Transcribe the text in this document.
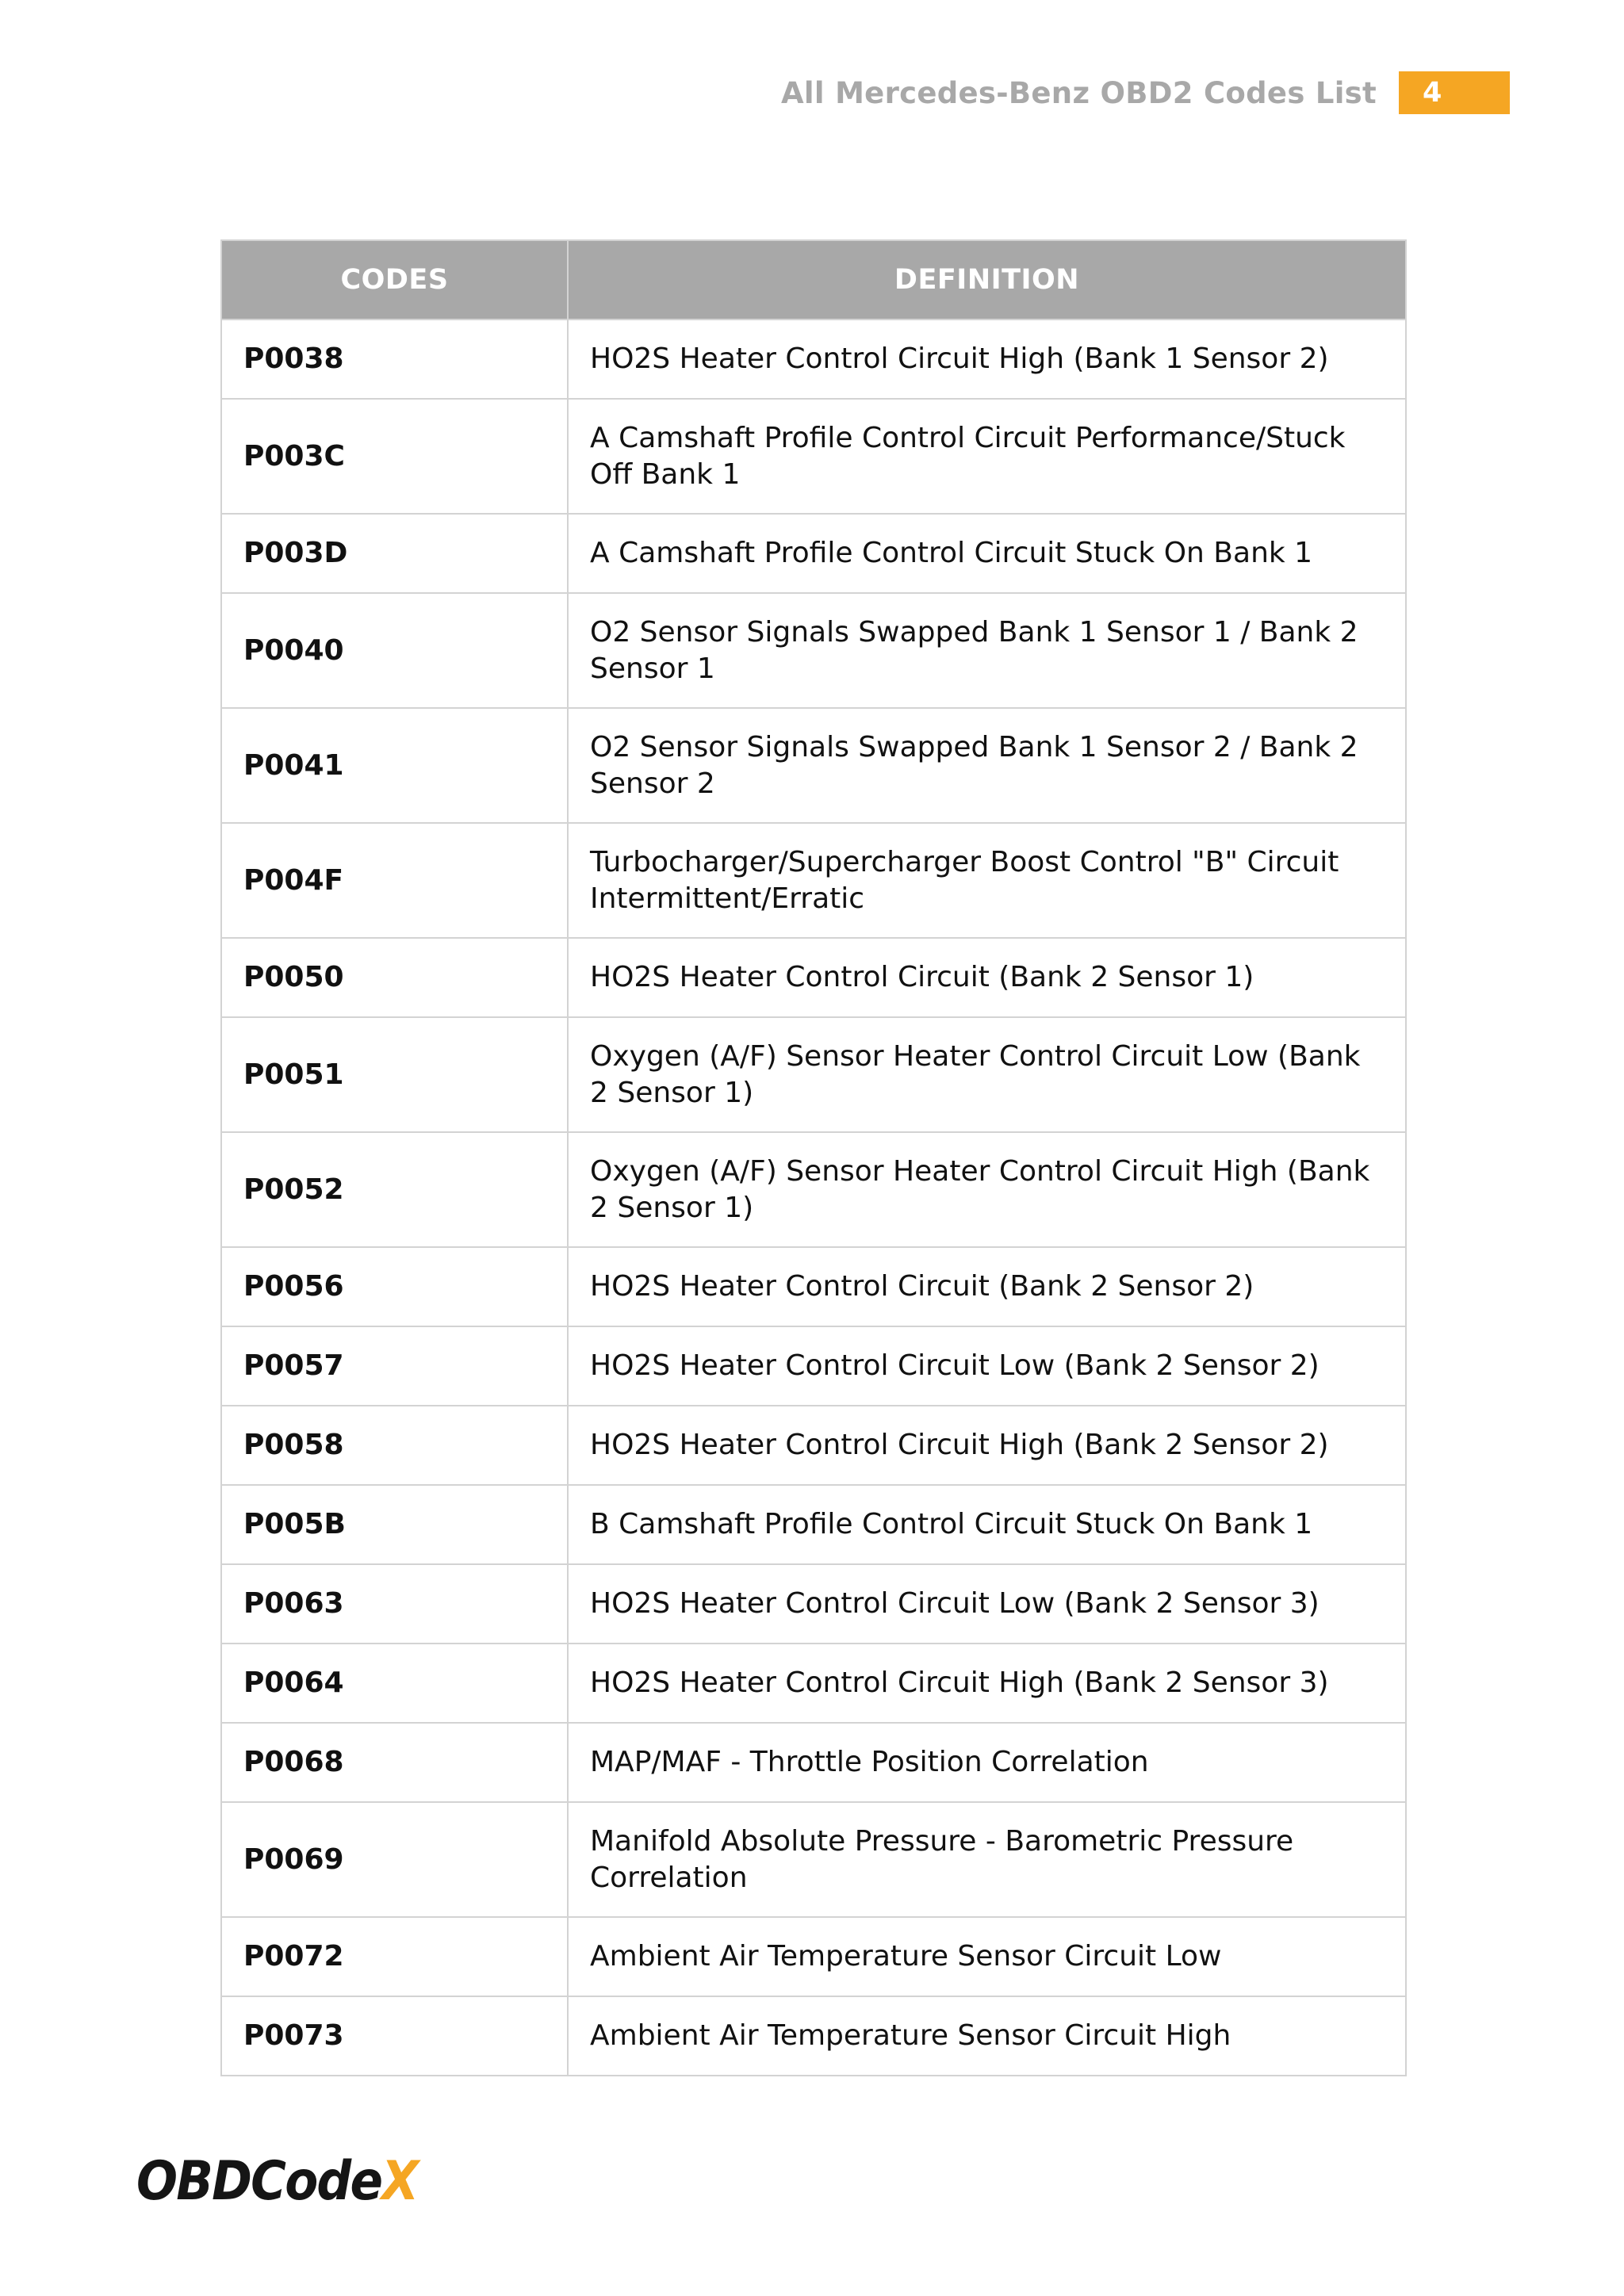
All Mercedes-Benz OBD2 Codes List	4
CODES	DEFINITION
P0038	HO2S Heater Control Circuit High (Bank 1 Sensor 2)
P003C	A Camshaft Profile Control Circuit Performance/Stuck Off Bank 1
P003D	A Camshaft Profile Control Circuit Stuck On Bank 1
P0040	O2 Sensor Signals Swapped Bank 1 Sensor 1 / Bank 2 Sensor 1
P0041	O2 Sensor Signals Swapped Bank 1 Sensor 2 / Bank 2 Sensor 2
P004F	Turbocharger/Supercharger Boost Control "B" Circuit Intermittent/Erratic
P0050	HO2S Heater Control Circuit (Bank 2 Sensor 1)
P0051	Oxygen (A/F) Sensor Heater Control Circuit Low (Bank 2 Sensor 1)
P0052	Oxygen (A/F) Sensor Heater Control Circuit High (Bank 2 Sensor 1)
P0056	HO2S Heater Control Circuit (Bank 2 Sensor 2)
P0057	HO2S Heater Control Circuit Low (Bank 2 Sensor 2)
P0058	HO2S Heater Control Circuit High (Bank 2 Sensor 2)
P005B	B Camshaft Profile Control Circuit Stuck On Bank 1
P0063	HO2S Heater Control Circuit Low (Bank 2 Sensor 3)
P0064	HO2S Heater Control Circuit High (Bank 2 Sensor 3)
P0068	MAP/MAF - Throttle Position Correlation
P0069	Manifold Absolute Pressure - Barometric Pressure Correlation
P0072	Ambient Air Temperature Sensor Circuit Low
P0073	Ambient Air Temperature Sensor Circuit High
OBDCodeX
